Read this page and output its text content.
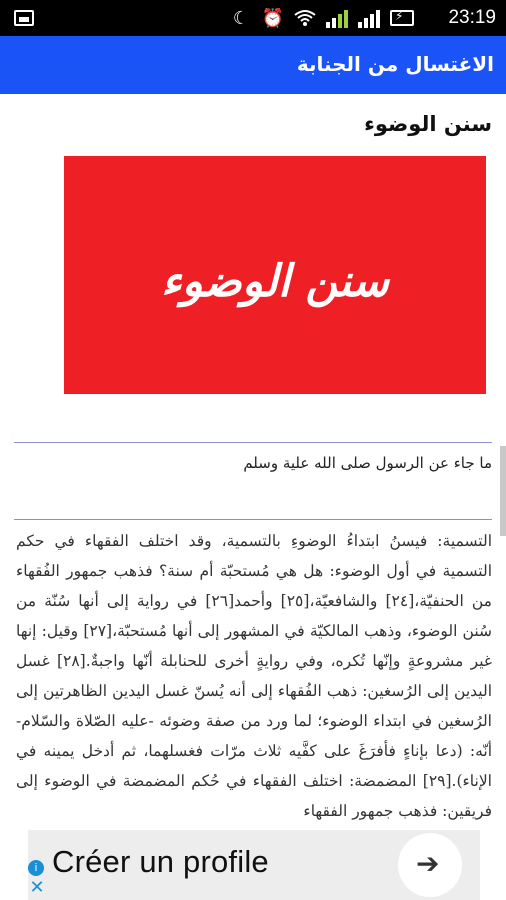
☾ ⏰
⚡	23:19
الاغتسال من الجنابة
سنن الوضوء
سنن الوضوء
ما جاء عن الرسول صلى الله علية وسلم
التسمية: فيسنُ ابتداءُ الوضوءِ بالتسمية، وقد اختلف الفقهاء في حكم التسمية في أول الوضوء: هل هي مُستحبّة أم سنة؟ فذهب جمهور الفُقهاء من الحنفيّة،[٢٤] والشافعيّة،[٢٥] وأحمد[٢٦] في رواية إلى أنها سُنّة من سُنن الوضوء، وذهب المالكيّة في المشهور إلى أنها مُستحبّة،[٢٧] وقيل: إنها غير مشروعةٍ وإنّها تُكره، وفي روايةٍ أخرى للحنابلة أنّها واجبةٌ.[٢٨] غسل اليدين إلى الرُسغين: ذهب الفُقهاء إلى أنه يُسنّ غسل اليدين الظاهرتين إلى الرُسغين في ابتداء الوضوء؛ لما ورد من صفة وضوئه -عليه الصّلاة والسّلام- أنّه: (دعا بإناءٍ فأفرَغَ على كفَّيه ثلاث مرّات فغسلهما، ثم أدخل يمينه في الإناء).[٢٩] المضمضة: اختلف الفقهاء في حُكم المضمضة في الوضوء إلى فريقين: فذهب جمهور الفقهاء
i
✕
Créer un profile	➔
